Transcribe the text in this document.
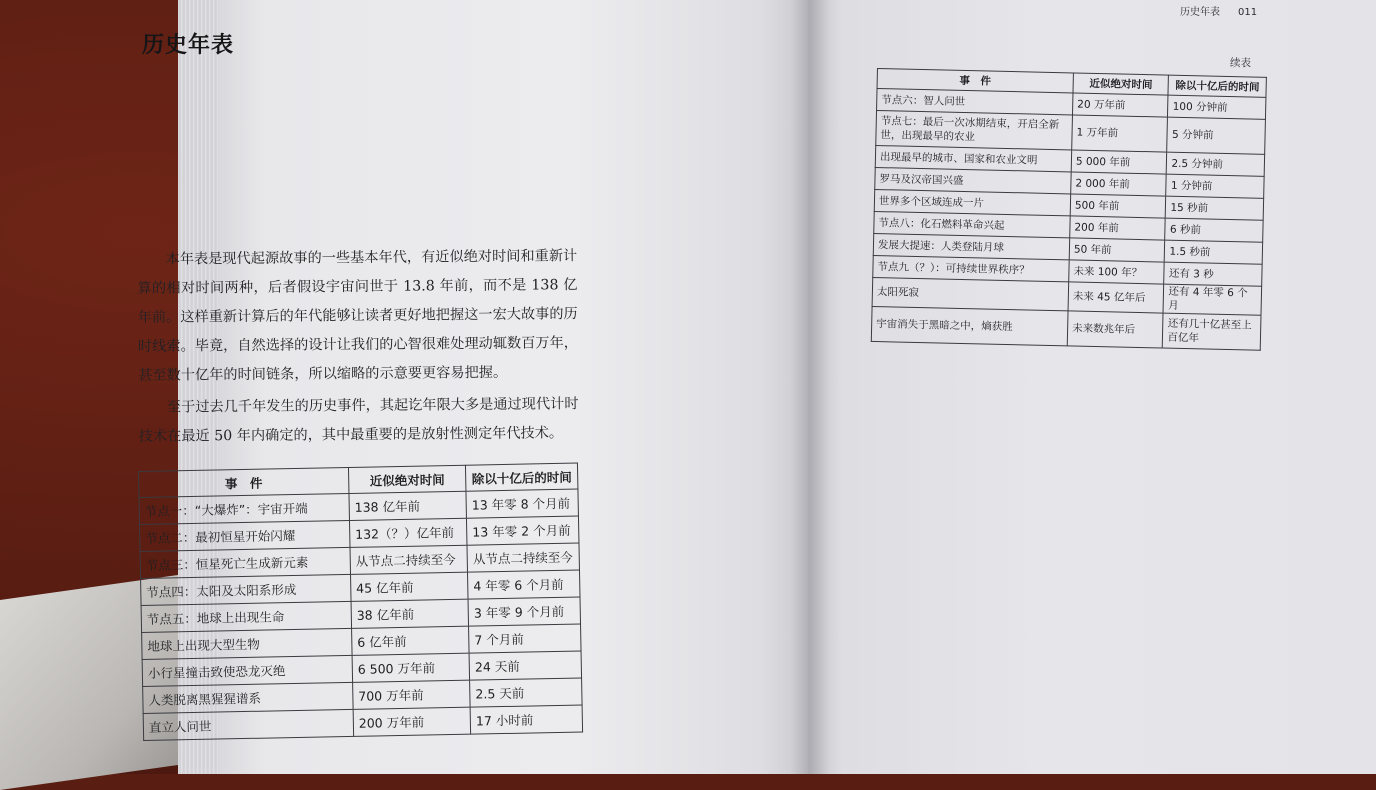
历史年表

本年表是现代起源故事的一些基本年代，有近似绝对时间和重新计算的相对时间两种，后者假设宇宙问世于 13.8 年前，而不是 138 亿年前。这样重新计算后的年代能够让读者更好地把握这一宏大故事的历时线索。毕竟，自然选择的设计让我们的心智很难处理动辄数百万年，甚至数十亿年的时间链条，所以缩略的示意要更容易把握。

至于过去几千年发生的历史事件，其起讫年限大多是通过现代计时技术在最近 50 年内确定的，其中最重要的是放射性测定年代技术。

事　件	近似绝对时间	除以十亿后的时间
节点一：“大爆炸”：宇宙开端	138 亿年前	13 年零 8 个月前
节点二：最初恒星开始闪耀	132（？）亿年前	13 年零 2 个月前
节点三：恒星死亡生成新元素	从节点二持续至今	从节点二持续至今
节点四：太阳及太阳系形成	45 亿年前	4 年零 6 个月前
节点五：地球上出现生命	38 亿年前	3 年零 9 个月前
地球上出现大型生物	6 亿年前	7 个月前
小行星撞击致使恐龙灭绝	6 500 万年前	24 天前
人类脱离黑猩猩谱系	700 万年前	2.5 天前
直立人问世	200 万年前	17 小时前
历史年表 011
续表
事　件	近似绝对时间	除以十亿后的时间
节点六：智人问世	20 万年前	100 分钟前
节点七：最后一次冰期结束，开启全新世，出现最早的农业	1 万年前	5 分钟前
出现最早的城市、国家和农业文明	5 000 年前	2.5 分钟前
罗马及汉帝国兴盛	2 000 年前	1 分钟前
世界多个区域连成一片	500 年前	15 秒前
节点八：化石燃料革命兴起	200 年前	6 秒前
发展大提速：人类登陆月球	50 年前	1.5 秒前
节点九（？）：可持续世界秩序？	未来 100 年？	还有 3 秒
太阳死寂	未来 45 亿年后	还有 4 年零 6 个月
宇宙消失于黑暗之中，熵获胜	未来数兆年后	还有几十亿甚至上百亿年
